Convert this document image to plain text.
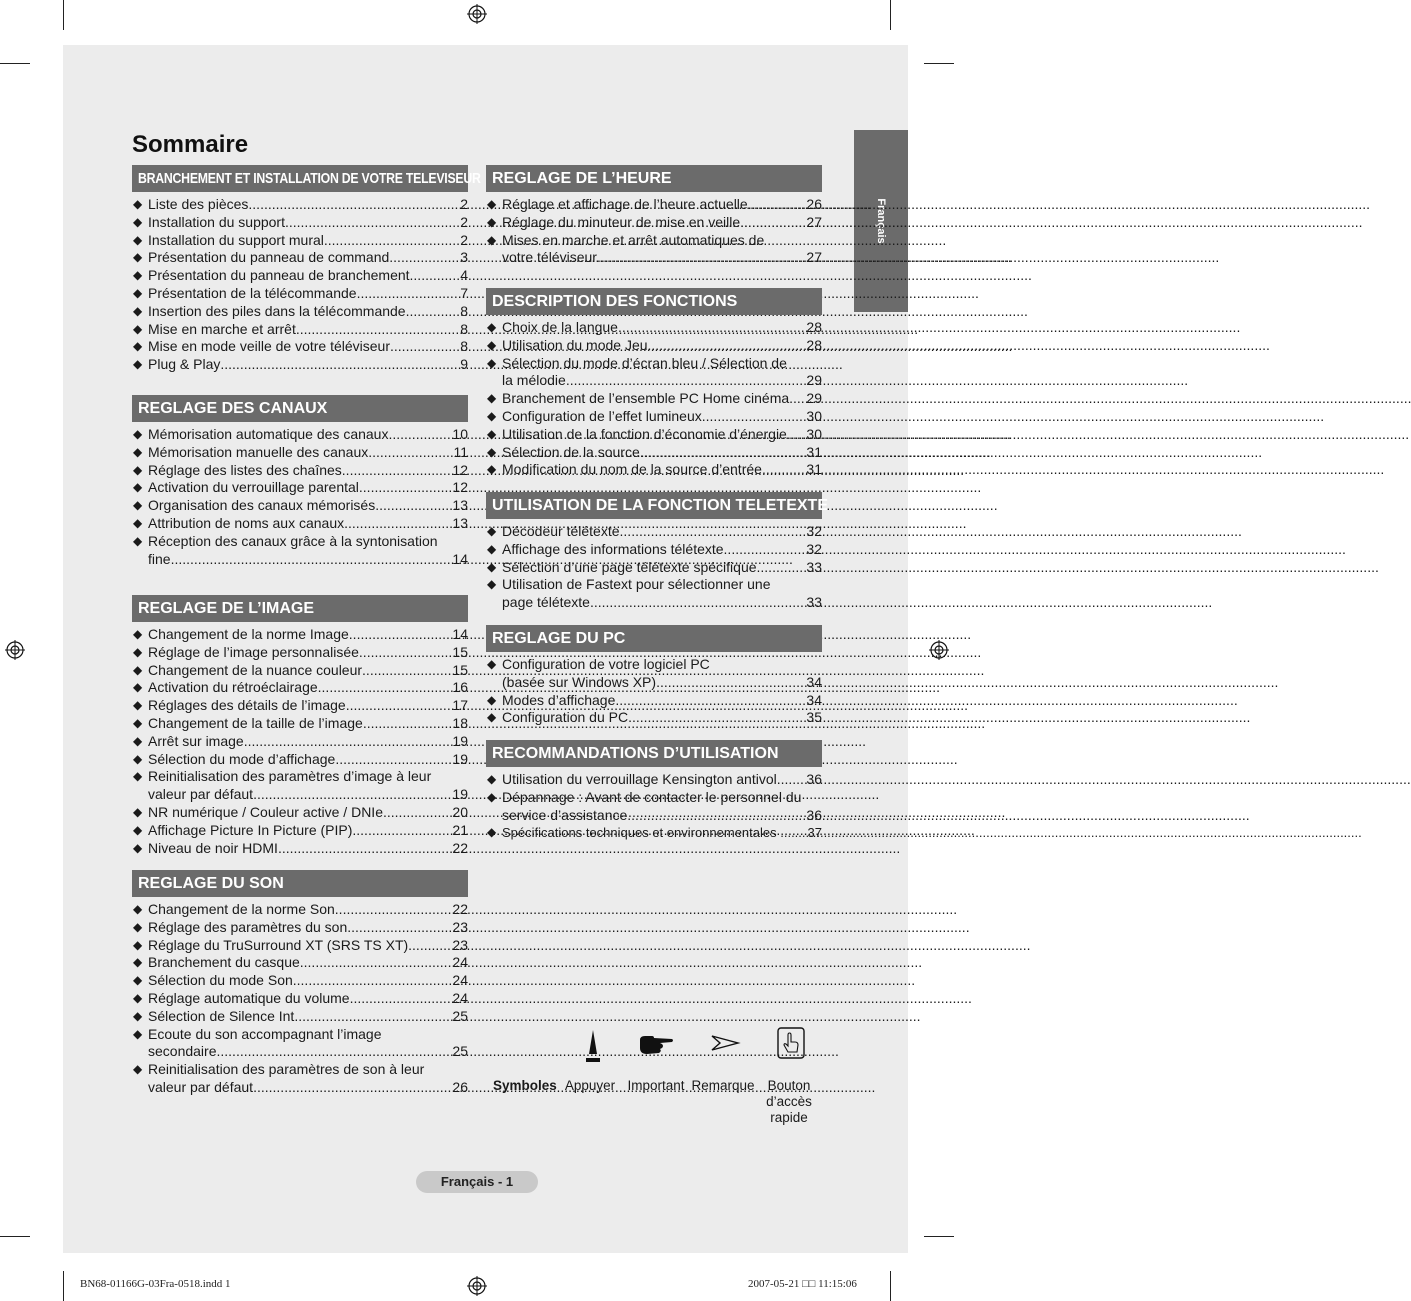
Français
Sommaire
BRANCHEMENT ET INSTALLATION DE VOTRE TELEVISEUR
◆ Liste des pièces .....	2
◆ Installation du support .....	2
◆ Installation du support mural .....	2
◆ Présentation du panneau de command .....	3
◆ Présentation du panneau de branchement .....	4
◆ Présentation de la télécommande .....	7
◆ Insertion des piles dans la télécommande .....	8
◆ Mise en marche et arrêt .....	8
◆ Mise en mode veille de votre téléviseur .....	8
◆ Plug & Play .....	9
REGLAGE DES CANAUX
◆ Mémorisation automatique des canaux .....	10
◆ Mémorisation manuelle des canaux .....	11
◆ Réglage des listes des chaînes .....	12
◆ Activation du verrouillage parental .....	12
◆ Organisation des canaux mémorisés .....	13
◆ Attribution de noms aux canaux .....	13
◆ Réception des canaux grâce à la syntonisation
fine .....	14
REGLAGE DE L’IMAGE
◆ Changement de la norme Image .....	14
◆ Réglage de l’image personnalisée .....	15
◆ Changement de la nuance couleur .....	15
◆ Activation du rétroéclairage .....	16
◆ Réglages des détails de l’image .....	17
◆ Changement de la taille de l’image .....	18
◆ Arrêt sur image .....	19
◆ Sélection du mode d’affichage .....	19
◆ Reinitialisation des paramètres d’image à leur
valeur par défaut. .....	19
◆ NR numérique / Couleur active / DNIe .....	20
◆ Affichage Picture In Picture (PIP) .....	21
◆ Niveau de noir HDMI .....	22
REGLAGE DU SON
◆ Changement de la norme Son .....	22
◆ Réglage des paramètres du son .....	23
◆ Réglage du TruSurround XT (SRS TS XT) .....	23
◆ Branchement du casque .....	24
◆ Sélection du mode Son .....	24
◆ Réglage automatique du volume .....	24
◆ Sélection de Silence Int. .....	25
◆ Ecoute du son accompagnant l’image
secondaire .....	25
◆ Reinitialisation des paramètres de son à leur
valeur par défaut .....	26
REGLAGE DE L’HEURE
◆ Réglage et affichage de l’heure actuelle .....	26
◆ Réglage du minuteur de mise en veille .....	27
◆ Mises en marche et arrêt automatiques de
votre téléviseur .....	27
DESCRIPTION DES FONCTIONS
◆ Choix de la langue .....	28
◆ Utilisation du mode Jeu .....	28
◆ Sélection du mode d’écran bleu / Sélection de
la mélodie .....	29
◆ Branchement de l’ensemble PC Home cinéma ..... 29
◆ Configuration de l’effet lumineux .....	30
◆ Utilisation de la fonction d’économie d’énergie ..... 30
◆ Sélection de la source .....	31
◆ Modification du nom de la source d’entrée .....	31
UTILISATION DE LA FONCTION TELETEXTE
◆ Décodeur télétexte .....	32
◆ Affichage des informations télétexte .....	32
◆ Sélection d’une page télétexte spécifique .....	33
◆ Utilisation de Fastext pour sélectionner une
page télétexte .....	33
REGLAGE DU PC
◆ Configuration de votre logiciel PC
(basée sur Windows XP) .....	34
◆ Modes d’affichage .....	34
◆ Configuration du PC .....	35
RECOMMANDATIONS D’UTILISATION
◆ Utilisation du verrouillage Kensington antivol... ..... 36
◆ Dépannage : Avant de contacter le personnel du
service d’assistance .....	36
◆ Spécifications techniques et environnementales . ..... 37
Symboles Appuyer Important Remarque Bouton
d’accès
rapide
Français - 1
BN68-01166G-03Fra-0518.indd 1	2007-05-21 □□ 11:15:06
